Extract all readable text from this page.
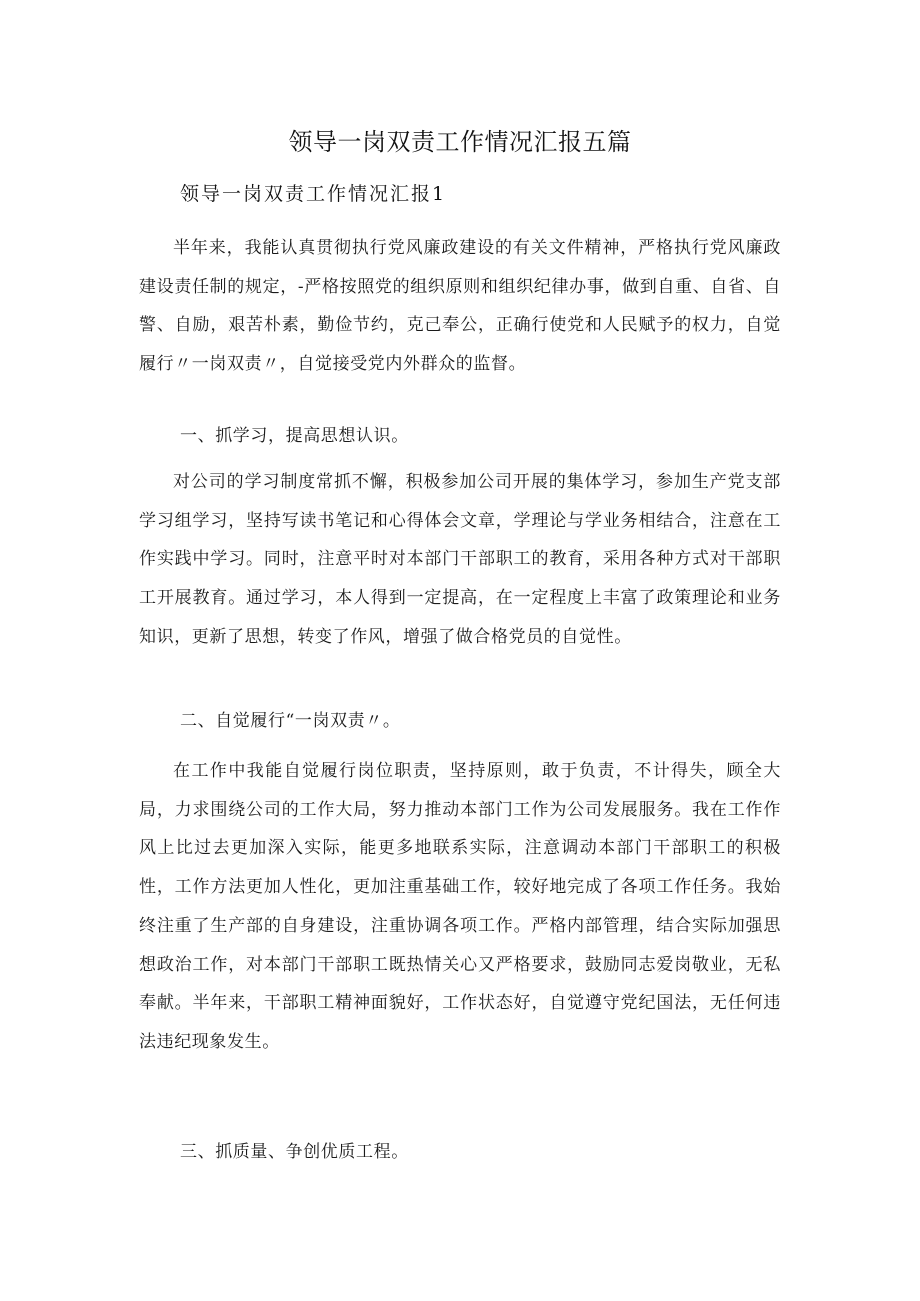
领导一岗双责工作情况汇报五篇
领导一岗双责工作情况汇报1

半年来，我能认真贯彻执行党风廉政建设的有关文件精神，严格执行党风廉政建设责任制的规定，-严格按照党的组织原则和组织纪律办事，做到自重、自省、自警、自励，艰苦朴素，勤俭节约，克己奉公，正确行使党和人民赋予的权力，自觉履行〃一岗双责〃，自觉接受党内外群众的监督。

一、抓学习，提高思想认识。

对公司的学习制度常抓不懈，积极参加公司开展的集体学习，参加生产党支部学习组学习，坚持写读书笔记和心得体会文章，学理论与学业务相结合，注意在工作实践中学习。同时，注意平时对本部门干部职工的教育，采用各种方式对干部职工开展教育。通过学习，本人得到一定提高，在一定程度上丰富了政策理论和业务知识，更新了思想，转变了作风，增强了做合格党员的自觉性。

二、自觉履行“一岗双责〃。

在工作中我能自觉履行岗位职责，坚持原则，敢于负责，不计得失，顾全大局，力求围绕公司的工作大局，努力推动本部门工作为公司发展服务。我在工作作风上比过去更加深入实际，能更多地联系实际，注意调动本部门干部职工的积极性，工作方法更加人性化，更加注重基础工作，较好地完成了各项工作任务。我始终注重了生产部的自身建设，注重协调各项工作。严格内部管理，结合实际加强思想政治工作，对本部门干部职工既热情关心又严格要求，鼓励同志爱岗敬业，无私奉献。半年来，干部职工精神面貌好，工作状态好，自觉遵守党纪国法，无任何违法违纪现象发生。

三、抓质量、争创优质工程。
